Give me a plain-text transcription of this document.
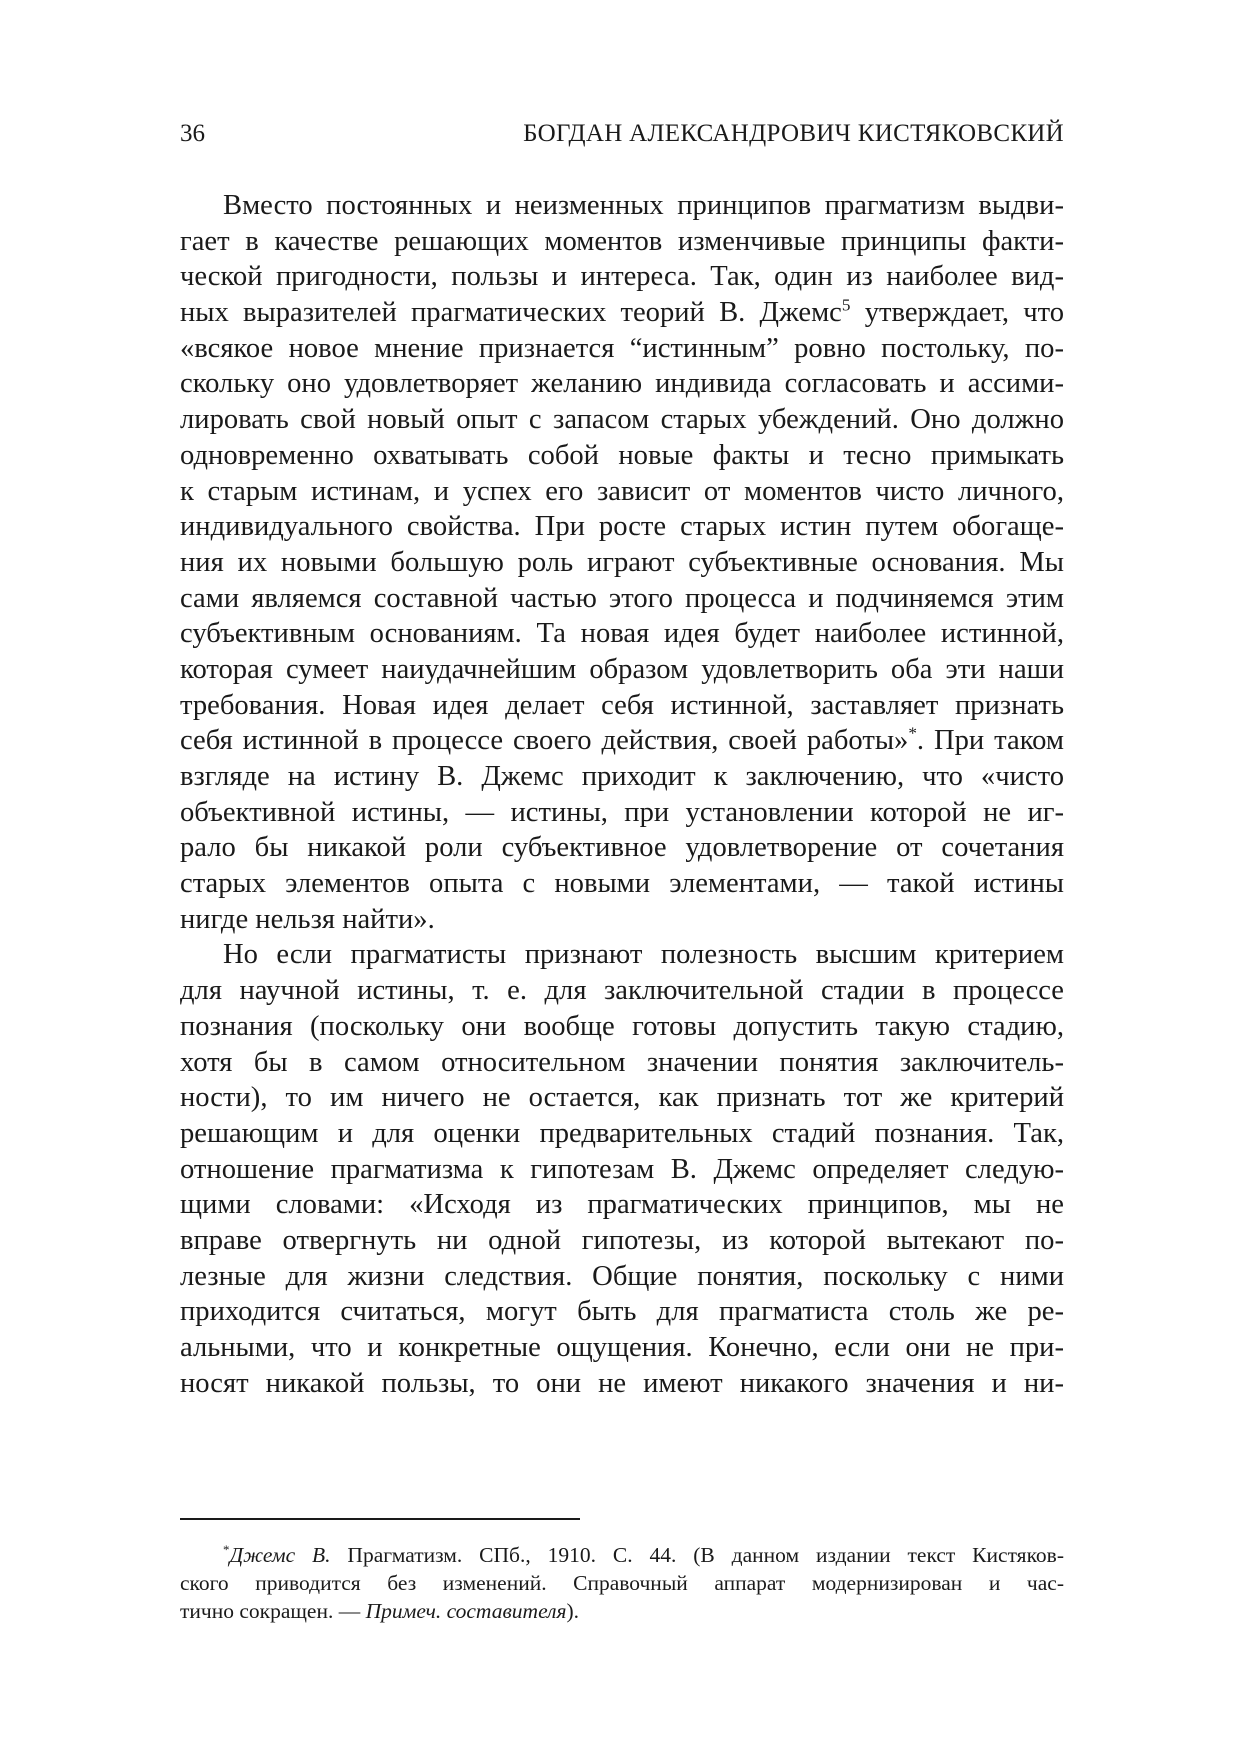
36	БОГДАН АЛЕКСАНДРОВИЧ КИСТЯКОВСКИЙ
Вместо постоянных и неизменных принципов прагматизм выдви-
гает в качестве решающих моментов изменчивые принципы факти-
ческой пригодности, пользы и интереса. Так, один из наиболее вид-
ных выразителей прагматических теорий В. Джемс$^5$ утверждает, что
«всякое новое мнение признается “истинным” ровно постольку, по-
скольку оно удовлетворяет желанию индивида согласовать и ассими-
лировать свой новый опыт с запасом старых убеждений. Оно должно
одновременно охватывать собой новые факты и тесно примыкать
к старым истинам, и успех его зависит от моментов чисто личного,
индивидуального свойства. При росте старых истин путем обогаще-
ния их новыми большую роль играют субъективные основания. Мы
сами являемся составной частью этого процесса и подчиняемся этим
субъективным основаниям. Та новая идея будет наиболее истинной,
которая сумеет наиудачнейшим образом удовлетворить оба эти наши
требования. Новая идея делает себя истинной, заставляет признать
себя истинной в процессе своего действия, своей работы»*. При таком
взгляде на истину В. Джемс приходит к заключению, что «чисто
объективной истины, — истины, при установлении которой не иг-
рало бы никакой роли субъективное удовлетворение от сочетания
старых элементов опыта с новыми элементами, — такой истины
нигде нельзя найти».
Но если прагматисты признают полезность высшим критерием
для научной истины, т. е. для заключительной стадии в процессе
познания (поскольку они вообще готовы допустить такую стадию,
хотя бы в самом относительном значении понятия заключитель-
ности), то им ничего не остается, как признать тот же критерий
решающим и для оценки предварительных стадий познания. Так,
отношение прагматизма к гипотезам В. Джемс определяет следую-
щими словами: «Исходя из прагматических принципов, мы не
вправе отвергнуть ни одной гипотезы, из которой вытекают по-
лезные для жизни следствия. Общие понятия, поскольку с ними
приходится считаться, могут быть для прагматиста столь же ре-
альными, что и конкретные ощущения. Конечно, если они не при-
носят никакой пользы, то они не имеют никакого значения и ни-
*Джемс В. Прагматизм. СПб., 1910. С. 44. (В данном издании текст Кистяков-
ского приводится без изменений. Справочный аппарат модернизирован и час-
тично сокращен. — Примеч. составителя).
